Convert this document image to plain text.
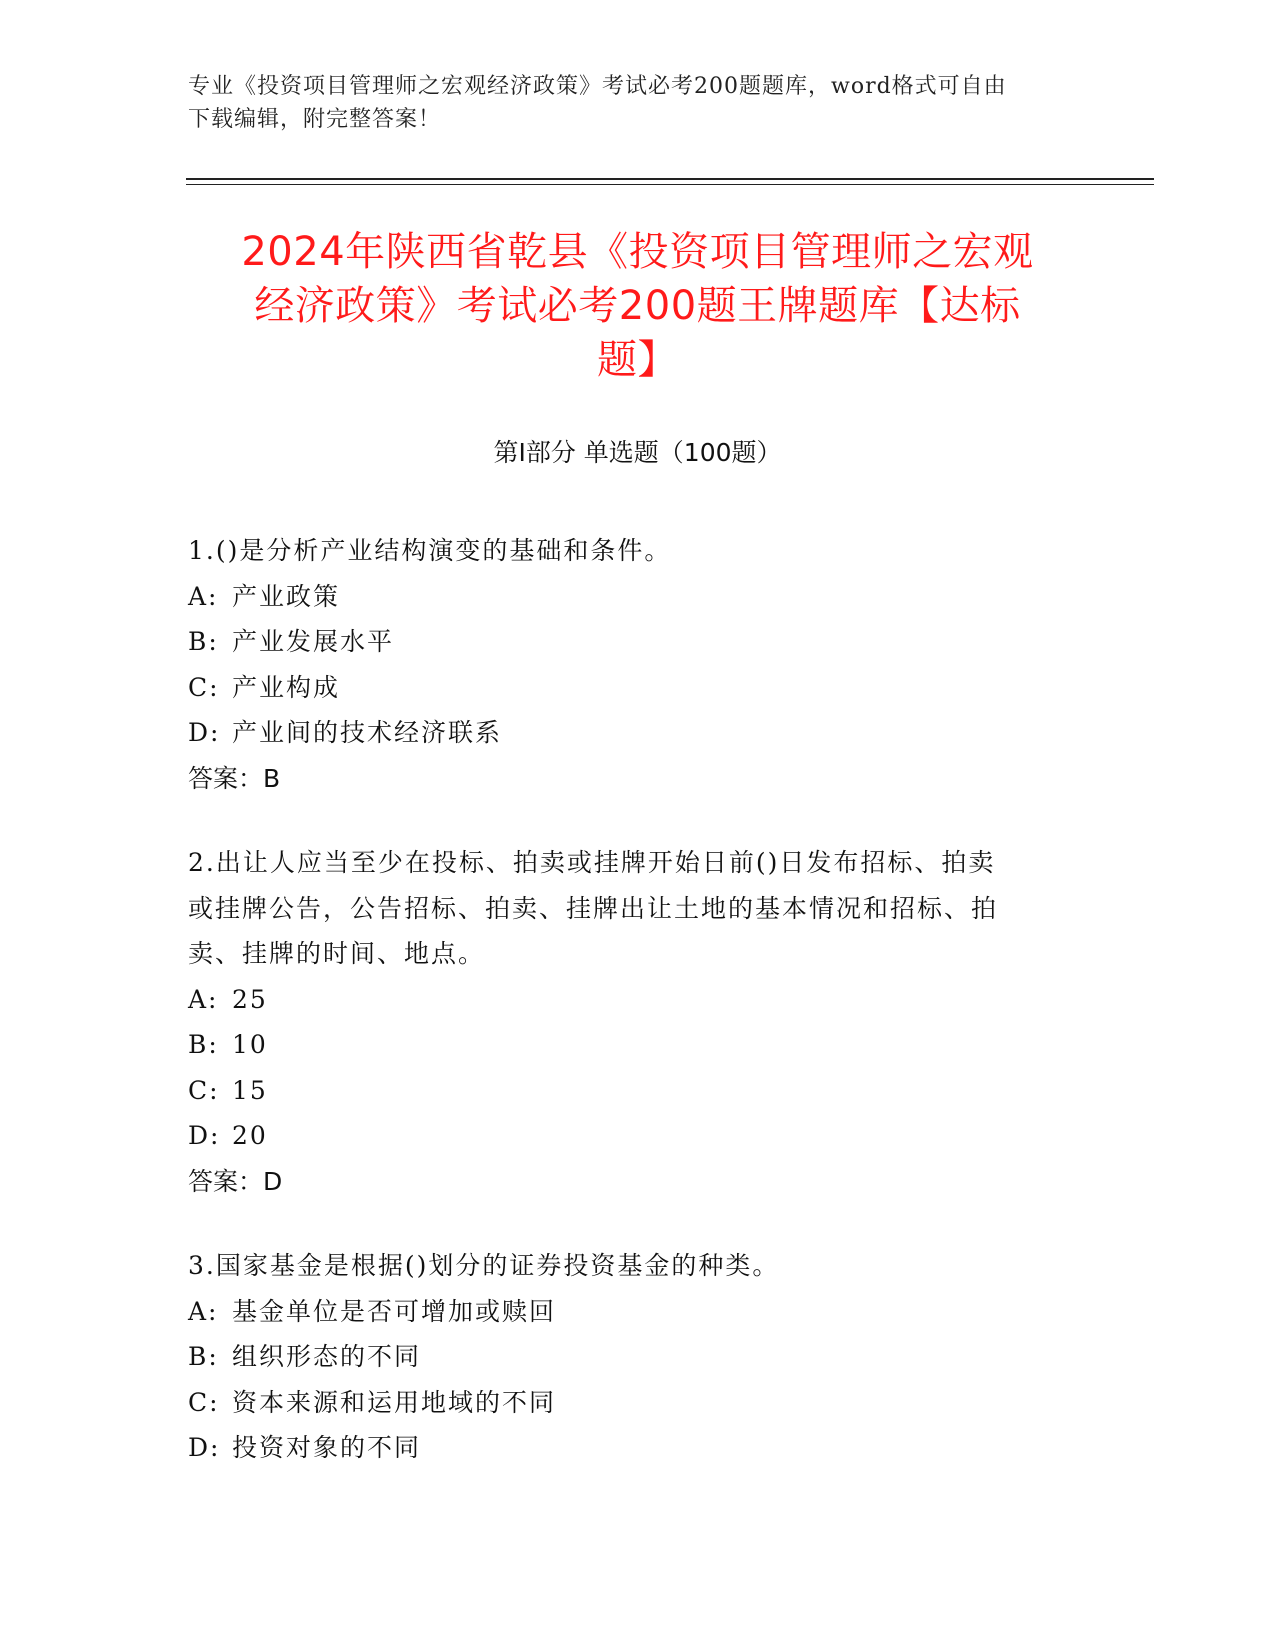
专业《投资项目管理师之宏观经济政策》考试必考200题题库，word格式可自由
下载编辑，附完整答案！
2024年陕西省乾县《投资项目管理师之宏观
经济政策》考试必考200题王牌题库【达标
题】
第Ⅰ部分 单选题（100题）

1.()是分析产业结构演变的基础和条件。

A: 产业政策

B: 产业发展水平

C: 产业构成

D: 产业间的技术经济联系

答案：B

2.出让人应当至少在投标、拍卖或挂牌开始日前()日发布招标、拍卖

或挂牌公告，公告招标、拍卖、挂牌出让土地的基本情况和招标、拍

卖、挂牌的时间、地点。

A: 25

B: 10

C: 15

D: 20

答案：D

3.国家基金是根据()划分的证券投资基金的种类。

A: 基金单位是否可增加或赎回

B: 组织形态的不同

C: 资本来源和运用地域的不同

D: 投资对象的不同
